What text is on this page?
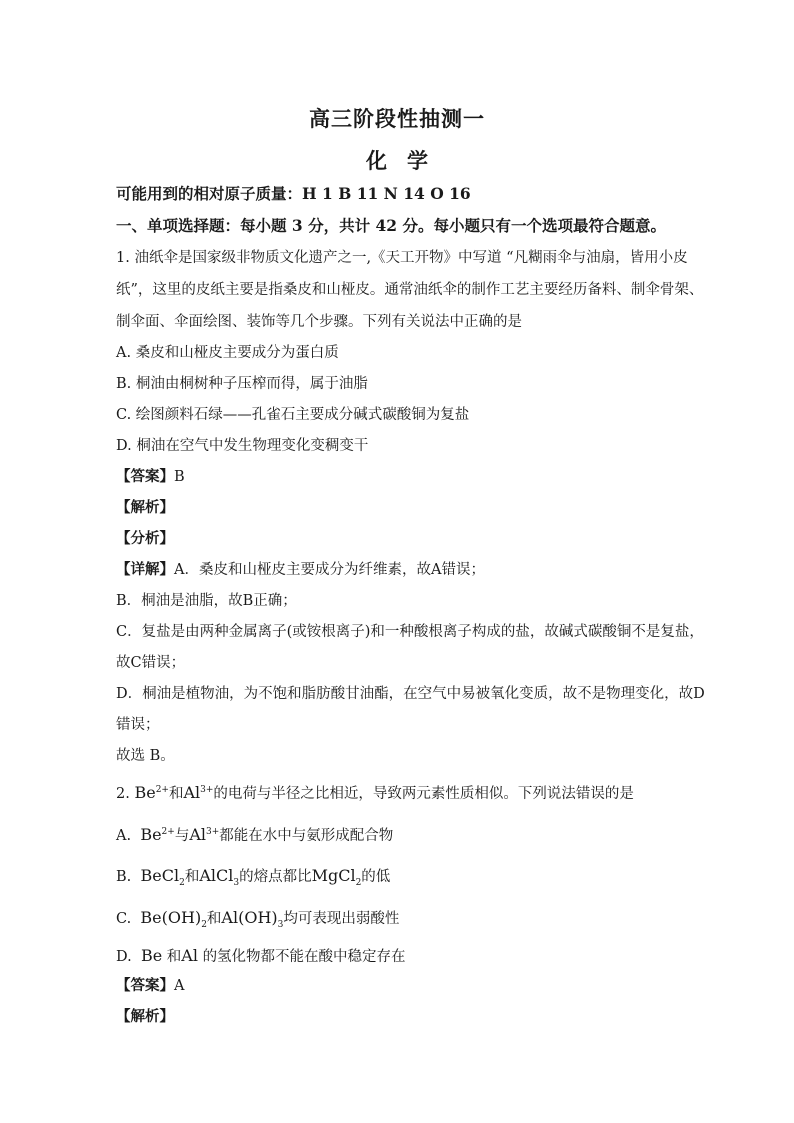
高三阶段性抽测一
化 学
可能用到的相对原子质量：H 1 B 11 N 14 O 16
一、单项选择题：每小题 3 分，共计 42 分。每小题只有一个选项最符合题意。
1. 油纸伞是国家级非物质文化遗产之一,《天工开物》中写道 “凡糊雨伞与油扇，皆用小皮
纸”，这里的皮纸主要是指桑皮和山桠皮。通常油纸伞的制作工艺主要经历备料、制伞骨架、
制伞面、伞面绘图、装饰等几个步骤。下列有关说法中正确的是
A. 桑皮和山桠皮主要成分为蛋白质
B. 桐油由桐树种子压榨而得，属于油脂
C. 绘图颜料石绿——孔雀石主要成分碱式碳酸铜为复盐
D. 桐油在空气中发生物理变化变稠变干
【答案】B
【解析】
【分析】
【详解】A．桑皮和山桠皮主要成分为纤维素，故A错误；
B．桐油是油脂，故B正确；
C．复盐是由两种金属离子(或铵根离子)和一种酸根离子构成的盐，故碱式碳酸铜不是复盐，
故C错误；
D．桐油是植物油，为不饱和脂肪酸甘油酯，在空气中易被氧化变质，故不是物理变化，故D
错误；
故选 B。
2. $Be^{2+}$和$Al^{3+}$的电荷与半径之比相近，导致两元素性质相似。下列说法错误的是
A. $Be^{2+}$与$Al^{3+}$都能在水中与氨形成配合物
B. BeCl$_2$和AlCl$_3$的熔点都比MgCl$_2$的低
C. $Be(OH)_2$和$Al(OH)_3$均可表现出弱酸性
D. Be 和Al 的氢化物都不能在酸中稳定存在
【答案】A
【解析】
